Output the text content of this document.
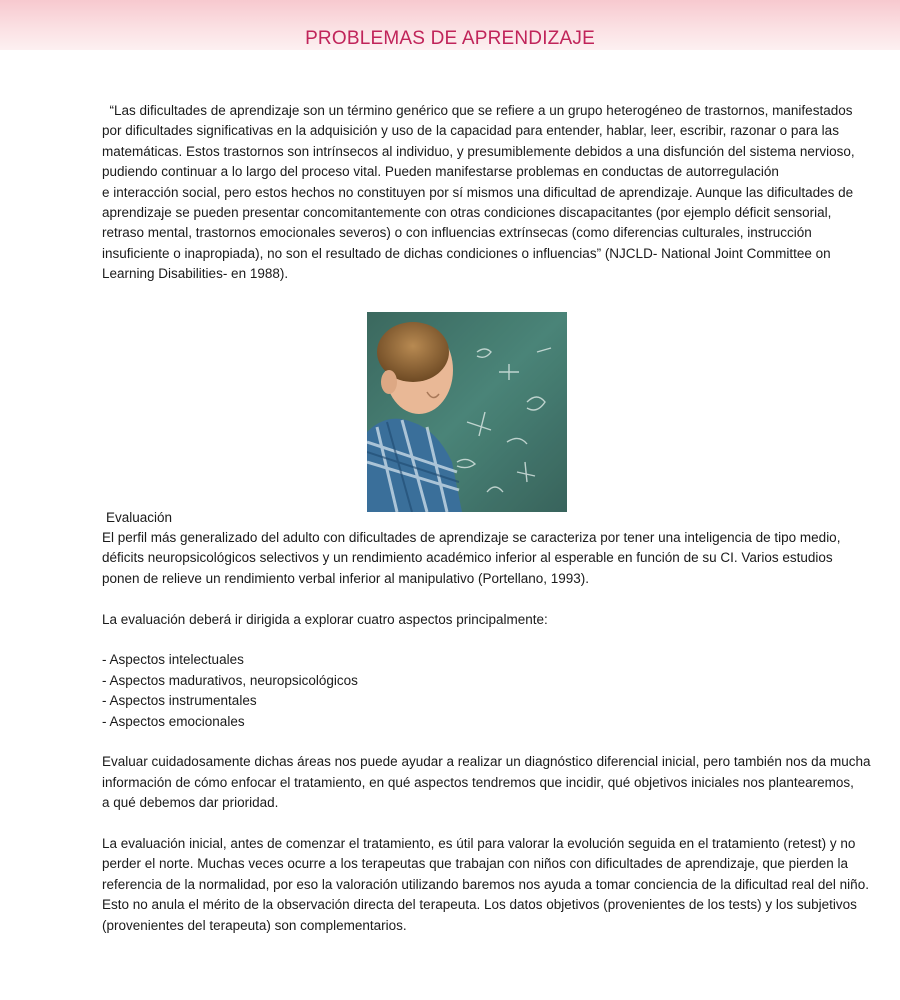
PROBLEMAS DE APRENDIZAJE
“Las dificultades de aprendizaje son un término genérico que se refiere a un grupo heterogéneo de trastornos, manifestados
por dificultades significativas en la adquisición y uso de la capacidad para entender, hablar, leer, escribir, razonar o para las
matemáticas. Estos trastornos son intrínsecos al individuo, y presumiblemente debidos a una disfunción del sistema nervioso,
pudiendo continuar a lo largo del proceso vital. Pueden manifestarse problemas en conductas de autorregulación
e interacción social, pero estos hechos no constituyen por sí mismos una dificultad de aprendizaje. Aunque las dificultades de
aprendizaje se pueden presentar concomitantemente con otras condiciones discapacitantes (por ejemplo déficit sensorial,
retraso mental, trastornos emocionales severos) o con influencias extrínsecas (como diferencias culturales, instrucción
insuficiente o inapropiada), no son el resultado de dichas condiciones o influencias” (NJCLD- National Joint Committee on
Learning Disabilities- en 1988).
Evaluación
El perfil más generalizado del adulto con dificultades de aprendizaje se caracteriza por tener una inteligencia de tipo medio,
déficits neuropsicológicos selectivos y un rendimiento académico inferior al esperable en función de su CI. Varios estudios
ponen de relieve un rendimiento verbal inferior al manipulativo (Portellano, 1993).
La evaluación deberá ir dirigida a explorar cuatro aspectos principalmente:
- Aspectos intelectuales
- Aspectos madurativos, neuropsicológicos
- Aspectos instrumentales
- Aspectos emocionales
Evaluar cuidadosamente dichas áreas nos puede ayudar a realizar un diagnóstico diferencial inicial, pero también nos da mucha
información de cómo enfocar el tratamiento, en qué aspectos tendremos que incidir, qué objetivos iniciales nos plantearemos,
a qué debemos dar prioridad.
La evaluación inicial, antes de comenzar el tratamiento, es útil para valorar la evolución seguida en el tratamiento (retest) y no
perder el norte. Muchas veces ocurre a los terapeutas que trabajan con niños con dificultades de aprendizaje, que pierden la
referencia de la normalidad, por eso la valoración utilizando baremos nos ayuda a tomar conciencia de la dificultad real del niño.
Esto no anula el mérito de la observación directa del terapeuta. Los datos objetivos (provenientes de los tests) y los subjetivos
(provenientes del terapeuta) son complementarios.
